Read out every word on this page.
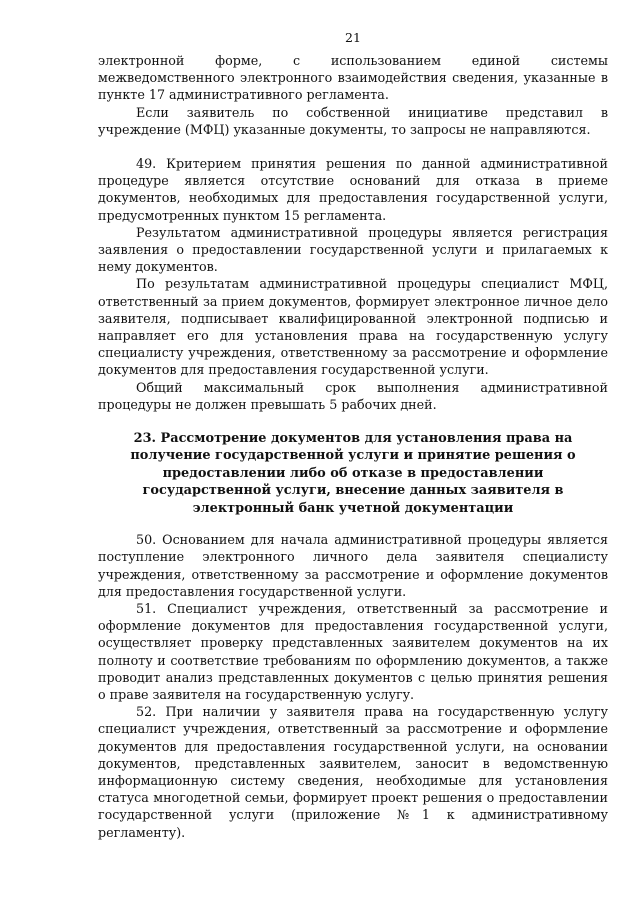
21

электронной форме, с использованием единой системы межведомственного электронного взаимодействия сведения, указанные в пункте 17 административного регламента.

Если заявитель по собственной инициативе представил в учреждение (МФЦ) указанные документы, то запросы не направляются.

49. Критерием принятия решения по данной административной процедуре является отсутствие оснований для отказа в приеме документов, необходимых для предоставления государственной услуги, предусмотренных пунктом 15 регламента.

Результатом административной процедуры является регистрация заявления о предоставлении государственной услуги и прилагаемых к нему документов.

По результатам административной процедуры специалист МФЦ, ответственный за прием документов, формирует электронное личное дело заявителя, подписывает квалифицированной электронной подписью и направляет его для установления права на государственную услугу специалисту учреждения, ответственному за рассмотрение и оформление документов для предоставления государственной услуги.

Общий максимальный срок выполнения административной процедуры не должен превышать 5 рабочих дней.

23. Рассмотрение документов для установления права на получение государственной услуги и принятие решения о предоставлении либо об отказе в предоставлении государственной услуги, внесение данных заявителя в электронный банк учетной документации

50. Основанием для начала административной процедуры является поступление электронного личного дела заявителя специалисту учреждения, ответственному за рассмотрение и оформление документов для предоставления государственной услуги.

51. Специалист учреждения, ответственный за рассмотрение и оформление документов для предоставления государственной услуги, осуществляет проверку представленных заявителем документов на их полноту и соответствие требованиям по оформлению документов, а также проводит анализ представленных документов с целью принятия решения о праве заявителя на государственную услугу.

52. При наличии у заявителя права на государственную услугу специалист учреждения, ответственный за рассмотрение и оформление документов для предоставления государственной услуги, на основании документов, представленных заявителем, заносит в ведомственную информационную систему сведения, необходимые для установления статуса многодетной семьи, формирует проект решения о предоставлении государственной услуги (приложение №1 к административному регламенту).
